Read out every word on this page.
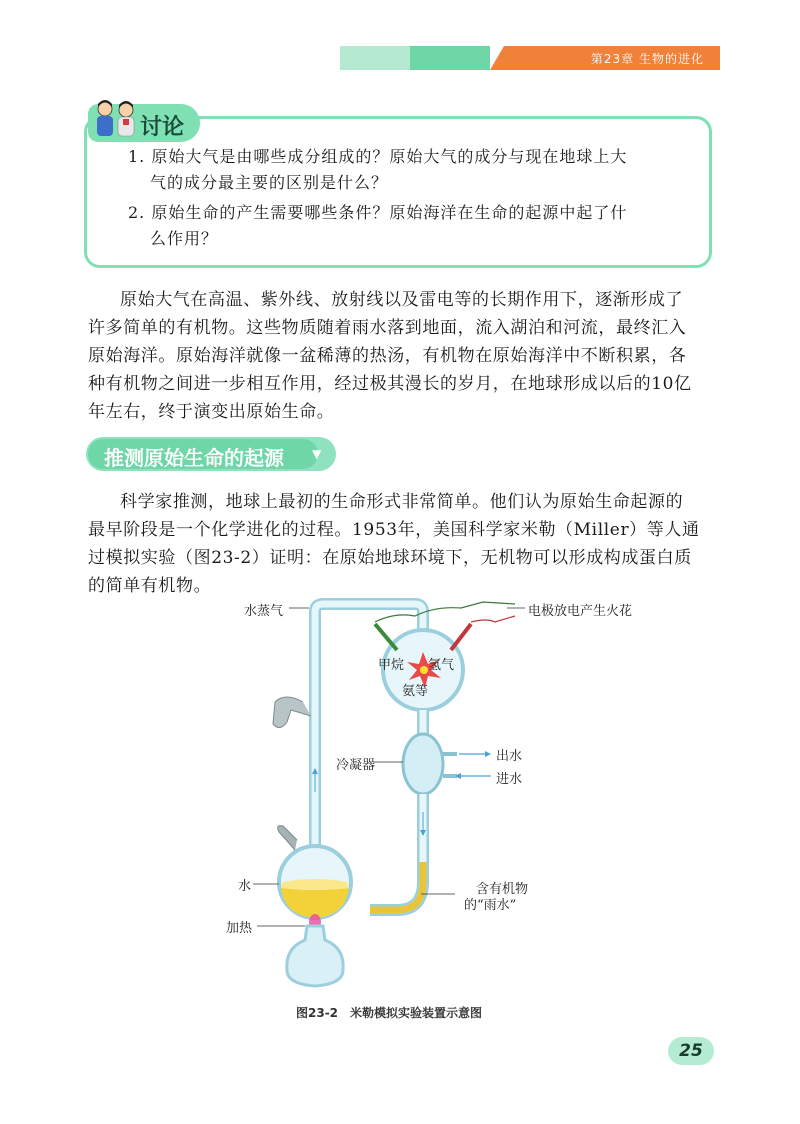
第23章 生物的进化
讨论
1. 原始大气是由哪些成分组成的？原始大气的成分与现在地球上大
气的成分最主要的区别是什么？
2. 原始生命的产生需要哪些条件？原始海洋在生命的起源中起了什
么作用？
原始大气在高温、紫外线、放射线以及雷电等的长期作用下，逐渐形成了
许多简单的有机物。这些物质随着雨水落到地面，流入湖泊和河流，最终汇入
原始海洋。原始海洋就像一盆稀薄的热汤，有机物在原始海洋中不断积累，各
种有机物之间进一步相互作用，经过极其漫长的岁月，在地球形成以后的10亿
年左右，终于演变出原始生命。
推测原始生命的起源 ▼
科学家推测，地球上最初的生命形式非常简单。他们认为原始生命起源的
最早阶段是一个化学进化的过程。1953年，美国科学家米勒（Miller）等人通
过模拟实验（图23-2）证明：在原始地球环境下，无机物可以形成构成蛋白质
的简单有机物。
水蒸气	电极放电产生火花
甲烷 氢气
氨等
冷凝器
出水
进水
水	含有机物
的“雨水”
加热
图23-2　米勒模拟实验装置示意图
25
